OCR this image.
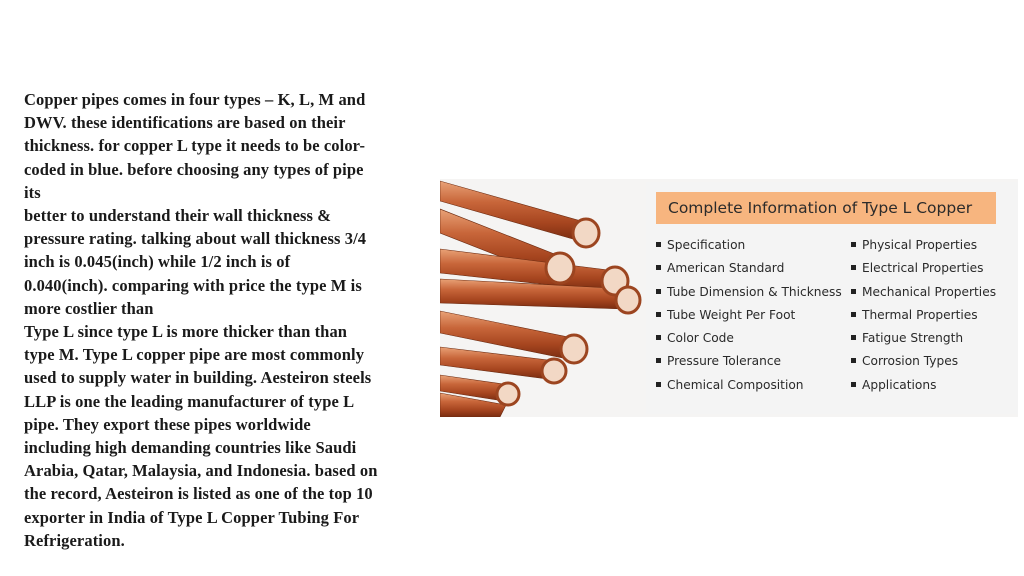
Copper pipes comes in four types – K, L, M and

DWV. these identifications are based on their

thickness. for copper L type it needs to be color-

coded in blue. before choosing any types of pipe

its

better to understand their wall thickness &

pressure rating. talking about wall thickness 3/4

inch is 0.045(inch) while 1/2 inch is of

0.040(inch). comparing with price the type M is

more costlier than

Type L since type L is more thicker than than

type M. Type L copper pipe are most commonly

used to supply water in building. Aesteiron steels

LLP is one the leading manufacturer of type L

pipe. They export these pipes worldwide

including high demanding countries like Saudi

Arabia, Qatar, Malaysia, and Indonesia. based on

the record, Aesteiron is listed as one of the top 10

exporter in India of Type L Copper Tubing For

Refrigeration.

Complete Information of Type L Copper
Specification
American Standard
Tube Dimension & Thickness
Tube Weight Per Foot
Color Code
Pressure Tolerance
Chemical Composition
Physical Properties
Electrical Properties
Mechanical Properties
Thermal Properties
Fatigue Strength
Corrosion Types
Applications
